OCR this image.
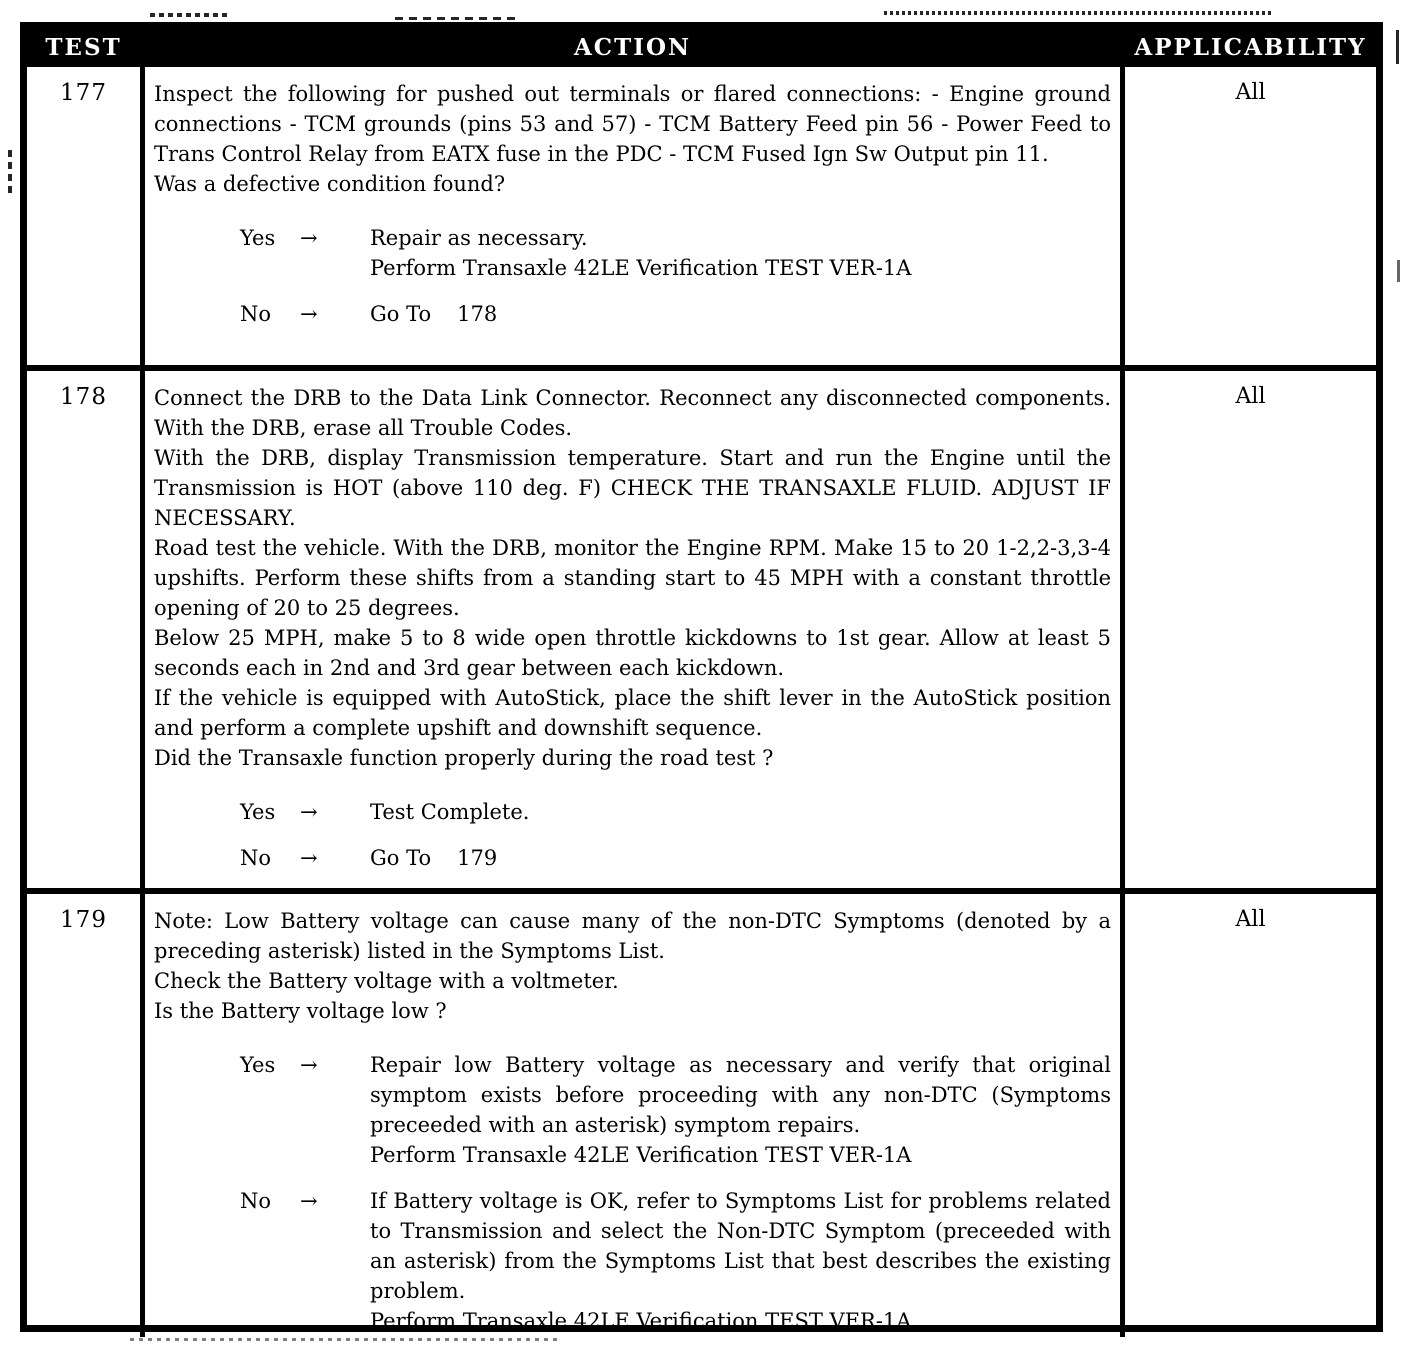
TEST	ACTION	APPLICABILITY
177	Inspect the following for pushed out terminals or flared connections: - Engine ground connections - TCM grounds (pins 53 and 57) - TCM Battery Feed pin 56 - Power Feed to Trans Control Relay from EATX fuse in the PDC - TCM Fused Ign Sw Output pin 11.

Was a defective condition found?

Yes	→	Repair as necessary.
Perform Transaxle 42LE Verification TEST VER-1A
No	→	Go To 178
All
178	Connect the DRB to the Data Link Connector. Reconnect any disconnected components. With the DRB, erase all Trouble Codes.

With the DRB, display Transmission temperature. Start and run the Engine until the Transmission is HOT (above 110 deg. F) CHECK THE TRANSAXLE FLUID. ADJUST IF NECESSARY.

Road test the vehicle. With the DRB, monitor the Engine RPM. Make 15 to 20 1-2,2-3,3-4 upshifts. Perform these shifts from a standing start to 45 MPH with a constant throttle opening of 20 to 25 degrees.

Below 25 MPH, make 5 to 8 wide open throttle kickdowns to 1st gear. Allow at least 5 seconds each in 2nd and 3rd gear between each kickdown.

If the vehicle is equipped with AutoStick, place the shift lever in the AutoStick position and perform a complete upshift and downshift sequence.

Did the Transaxle function properly during the road test ?

Yes	→	Test Complete.
No	→	Go To 179
All
179	Note: Low Battery voltage can cause many of the non-DTC Symptoms (denoted by a preceding asterisk) listed in the Symptoms List.

Check the Battery voltage with a voltmeter.

Is the Battery voltage low ?

Yes	→	Repair low Battery voltage as necessary and verify that original symptom exists before proceeding with any non-DTC (Symptoms preceeded with an asterisk) symptom repairs.

Perform Transaxle 42LE Verification TEST VER-1A
No	→	If Battery voltage is OK, refer to Symptoms List for problems related to Transmission and select the Non-DTC Symptom (preceeded with an asterisk) from the Symptoms List that best describes the existing problem.

Perform Transaxle 42LE Verification TEST VER-1A
All
